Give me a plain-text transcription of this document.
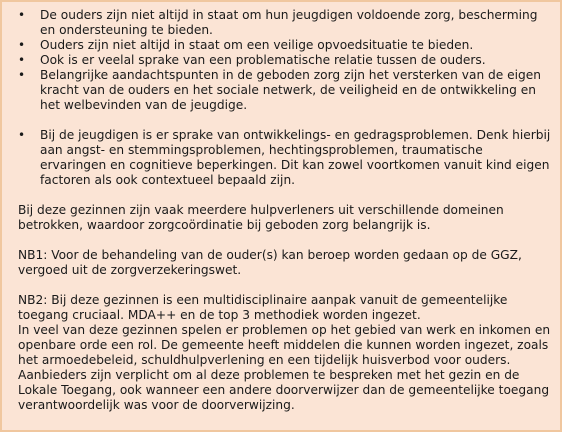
• De ouders zijn niet altijd in staat om hun jeugdigen voldoende zorg, bescherming en ondersteuning te bieden.
• Ouders zijn niet altijd in staat om een veilige opvoedsituatie te bieden.
• Ook is er veelal sprake van een problematische relatie tussen de ouders.
• Belangrijke aandachtspunten in de geboden zorg zijn het versterken van de eigen kracht van de ouders en het sociale netwerk, de veiligheid en de ontwikkeling en het welbevinden van de jeugdige.
• Bij de jeugdigen is er sprake van ontwikkelings- en gedragsproblemen. Denk hierbij aan angst- en stemmingsproblemen, hechtingsproblemen, traumatische ervaringen en cognitieve beperkingen. Dit kan zowel voortkomen vanuit kind eigen factoren als ook contextueel bepaald zijn.

Bij deze gezinnen zijn vaak meerdere hulpverleners uit verschillende domeinen betrokken, waardoor zorgcoördinatie bij geboden zorg belangrijk is.

NB1: Voor de behandeling van de ouder(s) kan beroep worden gedaan op de GGZ, vergoed uit de zorgverzekeringswet.

NB2: Bij deze gezinnen is een multidisciplinaire aanpak vanuit de gemeentelijke toegang cruciaal. MDA++ en de top 3 methodiek worden ingezet.

In veel van deze gezinnen spelen er problemen op het gebied van werk en inkomen en openbare orde een rol. De gemeente heeft middelen die kunnen worden ingezet, zoals het armoedebeleid, schuldhulpverlening en een tijdelijk huisverbod voor ouders.

Aanbieders zijn verplicht om al deze problemen te bespreken met het gezin en de Lokale Toegang, ook wanneer een andere doorverwijzer dan de gemeentelijke toegang verantwoordelijk was voor de doorverwijzing.
